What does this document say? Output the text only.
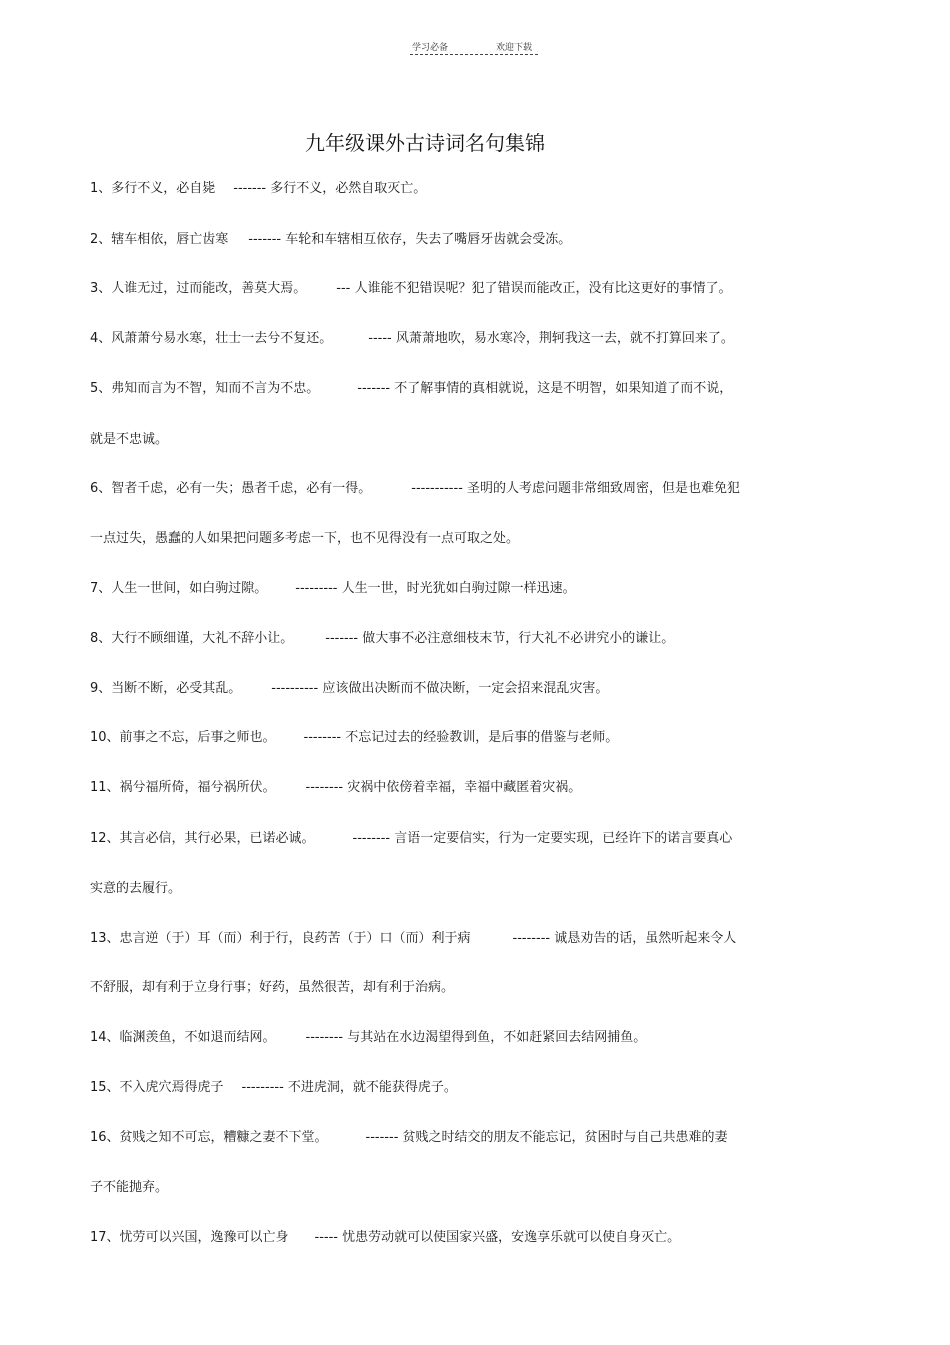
学习必备	欢迎下载
九年级课外古诗词名句集锦
1、多行不义，必自毙 ------- 多行不义，必然自取灭亡。
2、辖车相依，唇亡齿寒 ------- 车轮和车辖相互依存，失去了嘴唇牙齿就会受冻。
3、人谁无过，过而能改，善莫大焉。 --- 人谁能不犯错误呢？犯了错误而能改正，没有比这更好的事情了。
4、风萧萧兮易水寒，壮士一去兮不复还。	----- 风萧萧地吹，易水寒冷，荆轲我这一去，就不打算回来了。
5、弗知而言为不智，知而不言为不忠。	------- 不了解事情的真相就说，这是不明智，如果知道了而不说，
就是不忠诚。
6、智者千虑，必有一失；愚者千虑，必有一得。	----------- 圣明的人考虑问题非常细致周密，但是也难免犯
一点过失，愚蠢的人如果把问题多考虑一下，也不见得没有一点可取之处。
7、人生一世间，如白驹过隙。 --------- 人生一世，时光犹如白驹过隙一样迅速。
8、大行不顾细谨，大礼不辞小让。 ------- 做大事不必注意细枝末节，行大礼不必讲究小的谦让。
9、当断不断，必受其乱。 ---------- 应该做出决断而不做决断，一定会招来混乱灾害。
10、前事之不忘，后事之师也。 -------- 不忘记过去的经验教训，是后事的借鉴与老师。
11、祸兮福所倚，福兮祸所伏。 -------- 灾祸中依傍着幸福，幸福中藏匿着灾祸。
12、其言必信，其行必果，已诺必诚。	-------- 言语一定要信实，行为一定要实现，已经许下的诺言要真心
实意的去履行。
13、忠言逆（于）耳（而）利于行，良药苦（于）口（而）利于病	-------- 诚恳劝告的话，虽然听起来令人
不舒服，却有利于立身行事；好药，虽然很苦，却有利于治病。
14、临渊羡鱼，不如退而结网。 -------- 与其站在水边渴望得到鱼，不如赶紧回去结网捕鱼。
15、不入虎穴焉得虎子 --------- 不进虎洞，就不能获得虎子。
16、贫贱之知不可忘，糟糠之妻不下堂。	------- 贫贱之时结交的朋友不能忘记，贫困时与自己共患难的妻
子不能抛弃。
17、忧劳可以兴国，逸豫可以亡身 ----- 忧患劳动就可以使国家兴盛，安逸享乐就可以使自身灭亡。
